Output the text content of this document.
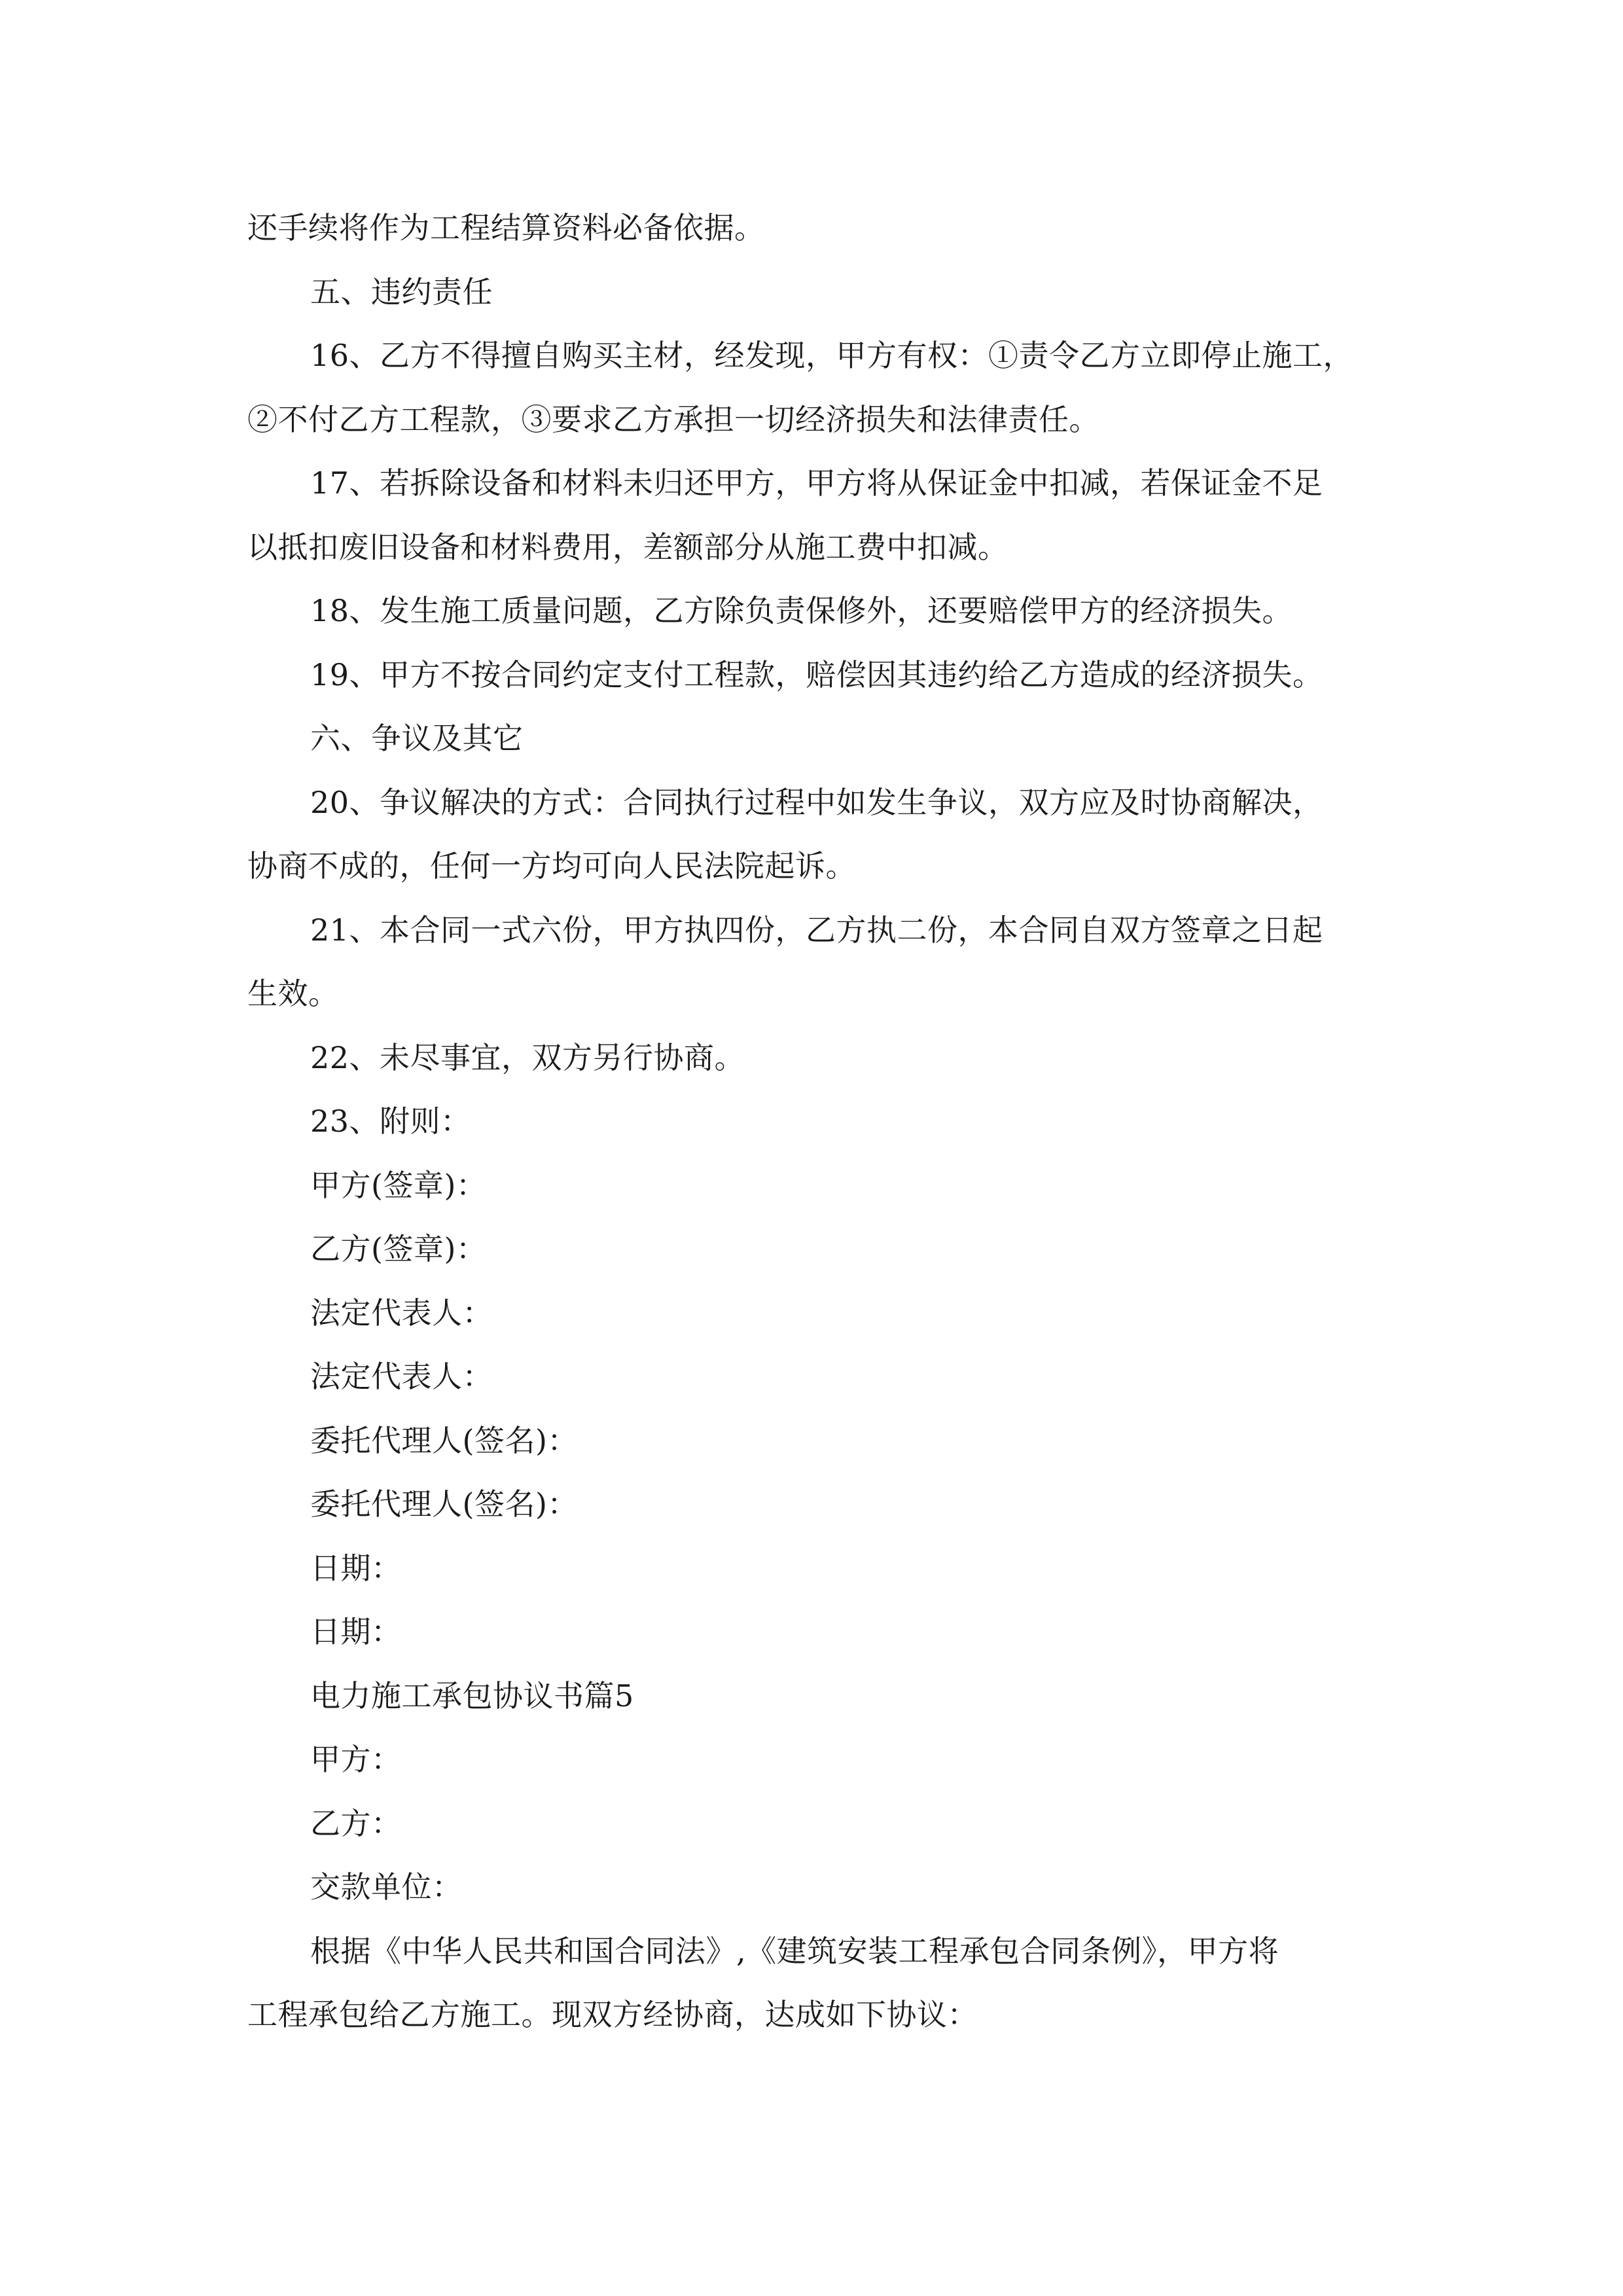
还手续将作为工程结算资料必备依据。
五、违约责任
16、乙方不得擅自购买主材，经发现，甲方有权：①责令乙方立即停止施工，
②不付乙方工程款，③要求乙方承担一切经济损失和法律责任。
17、若拆除设备和材料未归还甲方，甲方将从保证金中扣减，若保证金不足
以抵扣废旧设备和材料费用，差额部分从施工费中扣减。
18、发生施工质量问题，乙方除负责保修外，还要赔偿甲方的经济损失。
19、甲方不按合同约定支付工程款，赔偿因其违约给乙方造成的经济损失。
六、争议及其它
20、争议解决的方式：合同执行过程中如发生争议，双方应及时协商解决，
协商不成的，任何一方均可向人民法院起诉。
21、本合同一式六份，甲方执四份，乙方执二份，本合同自双方签章之日起
生效。
22、未尽事宜，双方另行协商。
23、附则：
甲方(签章)：
乙方(签章)：
法定代表人：
法定代表人：
委托代理人(签名)：
委托代理人(签名)：
日期：
日期：
电力施工承包协议书篇5
甲方：
乙方：
交款单位：
根据《中华人民共和国合同法》,《建筑安装工程承包合同条例》，甲方将
工程承包给乙方施工。现双方经协商，达成如下协议：
